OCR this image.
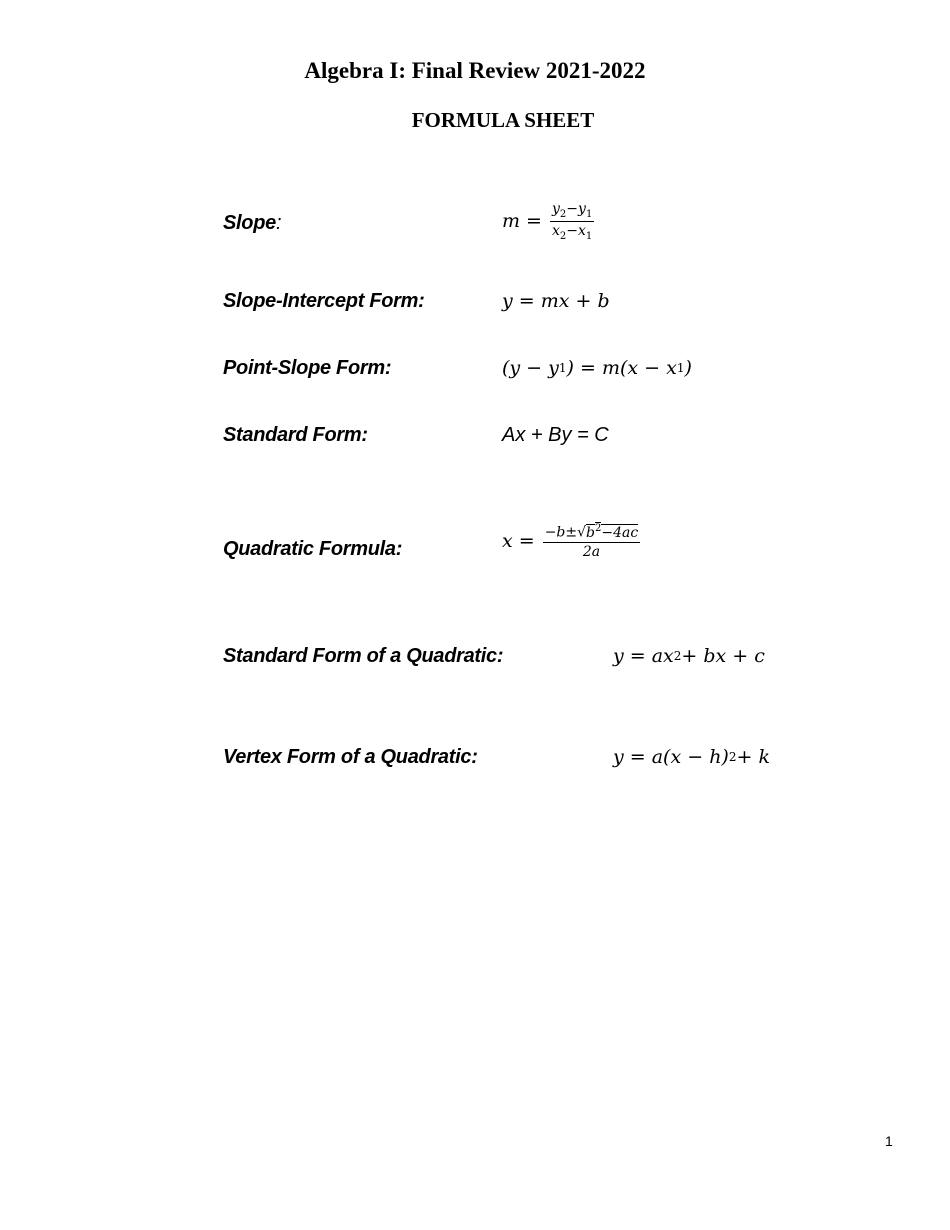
Algebra I: Final Review 2021-2022
FORMULA SHEET
Slope:	$m = \frac{y_2-y_1}{x_2-x_1}$
Slope-Intercept Form:	y = mx + b
Point-Slope Form:	(y − y 1 ) = m(x − x 1 )
Standard Form:	Ax + By = C
Quadratic Formula:	$x = \frac{-b\pm√b^2-4ac}{2a}$
Standard Form of a Quadratic:	y = ax 2 + bx + c
Vertex Form of a Quadratic:	y = a(x − h) 2 + k
1
